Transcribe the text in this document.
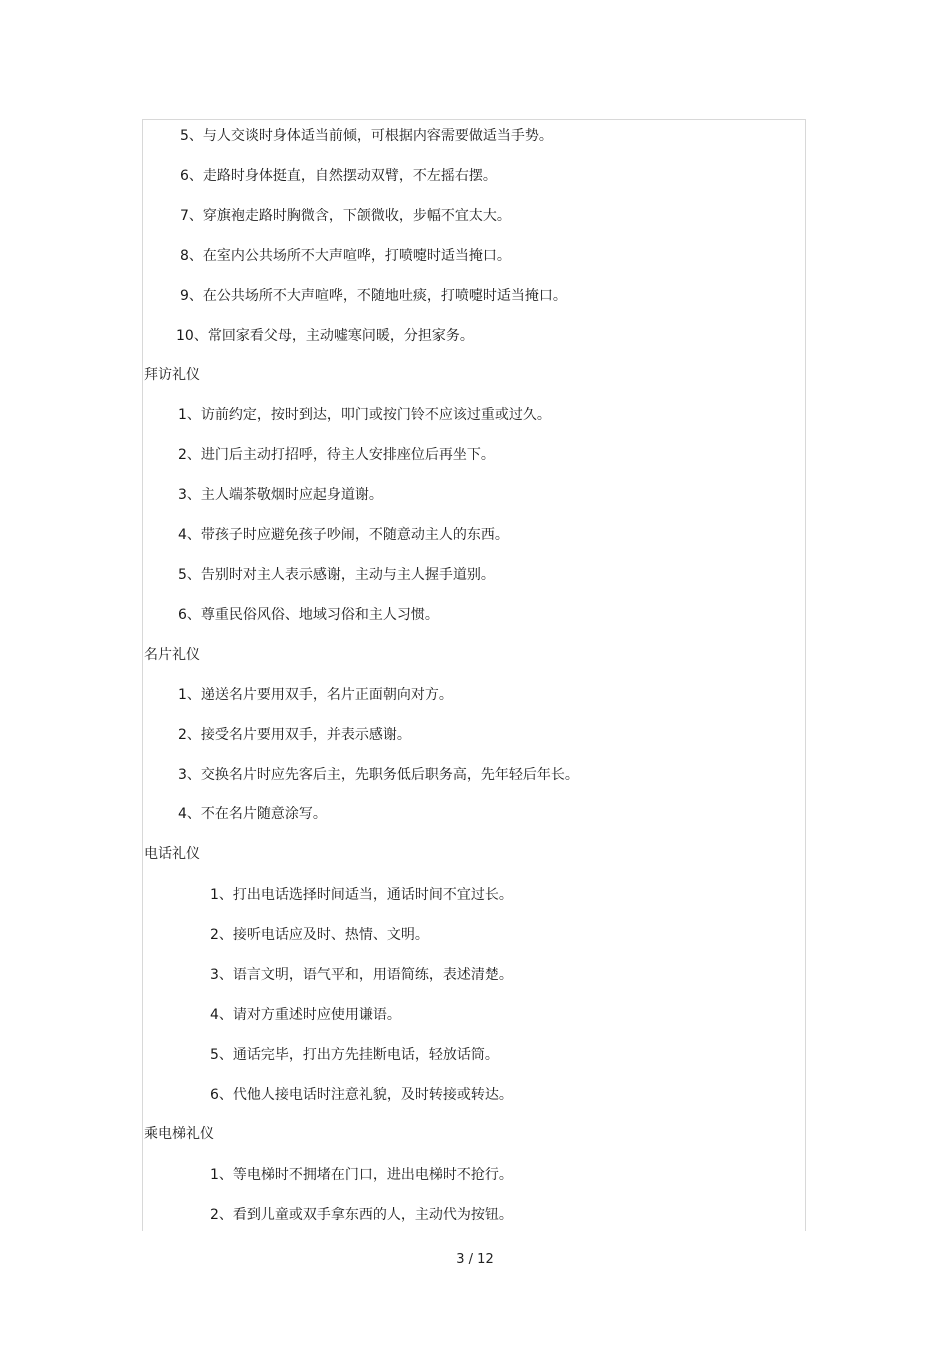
5、与人交谈时身体适当前倾，可根据内容需要做适当手势。
6、走路时身体挺直，自然摆动双臂，不左摇右摆。
7、穿旗袍走路时胸微含，下颌微收，步幅不宜太大。
8、在室内公共场所不大声喧哗，打喷嚏时适当掩口。
9、在公共场所不大声喧哗，不随地吐痰，打喷嚏时适当掩口。
10、常回家看父母，主动嘘寒问暖，分担家务。
拜访礼仪
1、访前约定，按时到达，叩门或按门铃不应该过重或过久。
2、进门后主动打招呼，待主人安排座位后再坐下。
3、主人端茶敬烟时应起身道谢。
4、带孩子时应避免孩子吵闹，不随意动主人的东西。
5、告别时对主人表示感谢，主动与主人握手道别。
6、尊重民俗风俗、地域习俗和主人习惯。
名片礼仪
1、递送名片要用双手，名片正面朝向对方。
2、接受名片要用双手，并表示感谢。
3、交换名片时应先客后主，先职务低后职务高，先年轻后年长。
4、不在名片随意涂写。
电话礼仪
1、打出电话选择时间适当，通话时间不宜过长。
2、接听电话应及时、热情、文明。
3、语言文明，语气平和，用语简练，表述清楚。
4、请对方重述时应使用谦语。
5、通话完毕，打出方先挂断电话，轻放话筒。
6、代他人接电话时注意礼貌，及时转接或转达。
乘电梯礼仪
1、等电梯时不拥堵在门口，进出电梯时不抢行。
2、看到儿童或双手拿东西的人，主动代为按钮。
3 / 12
